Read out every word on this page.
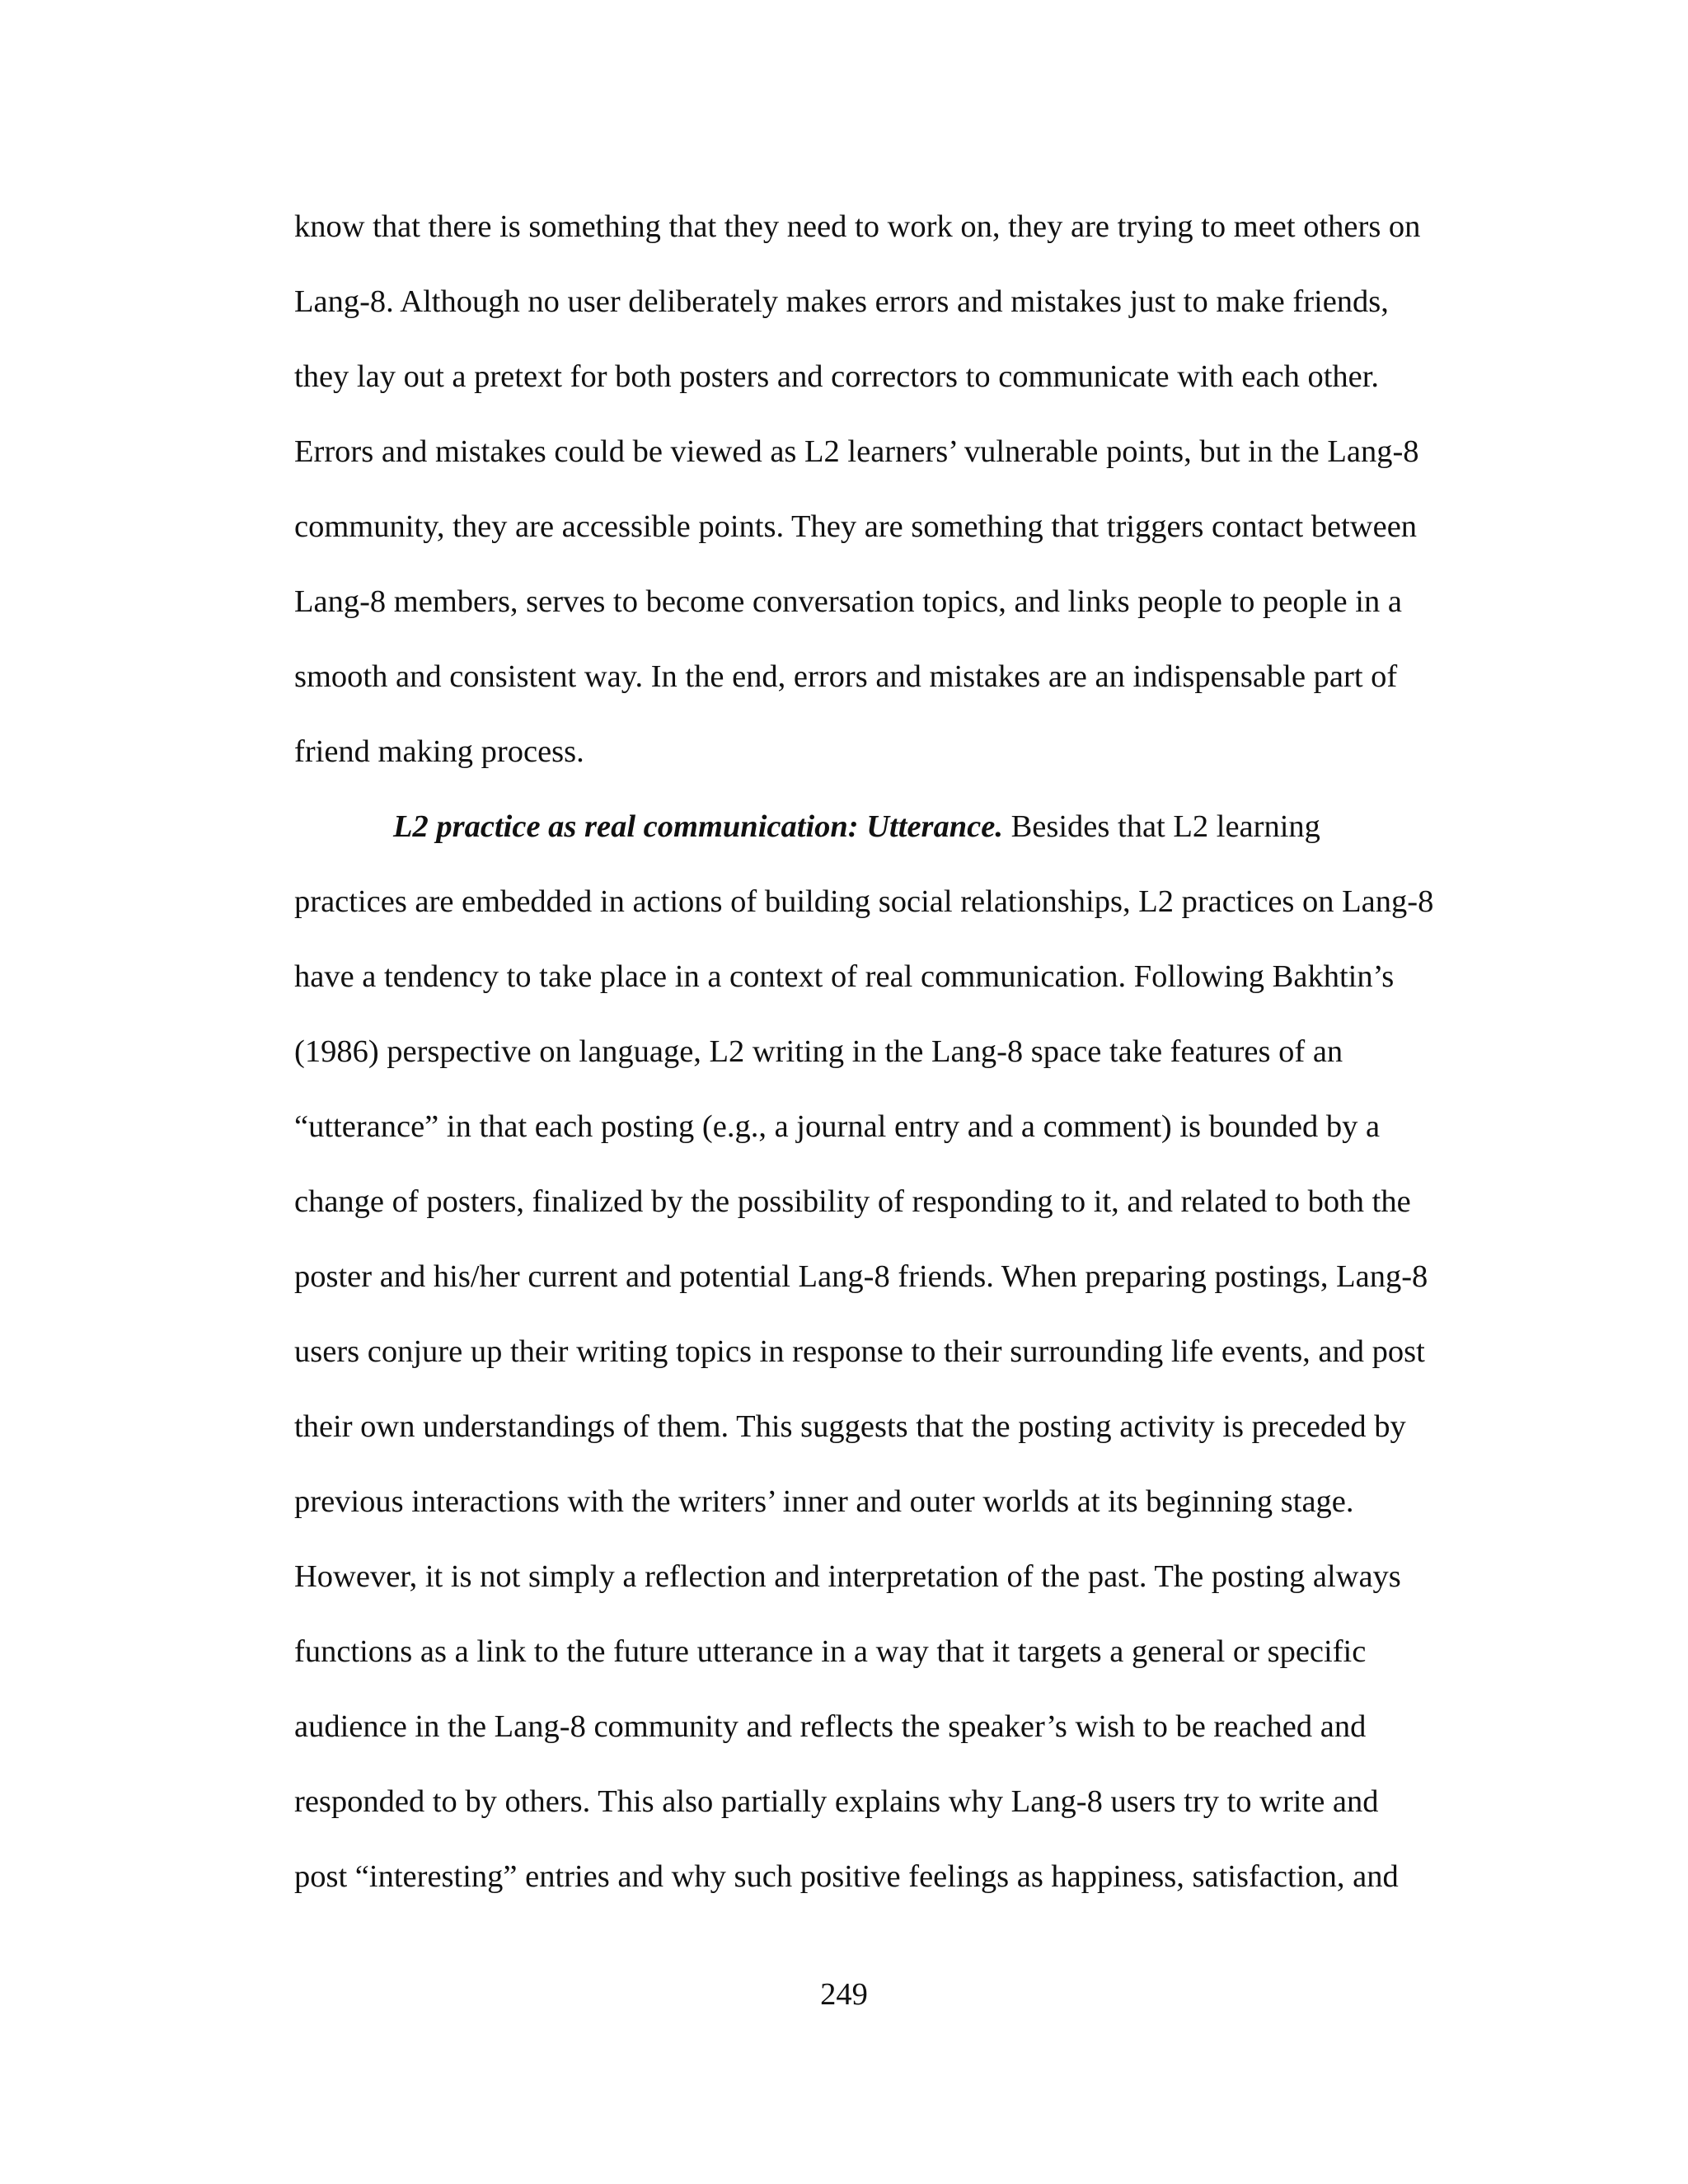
know that there is something that they need to work on, they are trying to meet others on
Lang-8. Although no user deliberately makes errors and mistakes just to make friends,
they lay out a pretext for both posters and correctors to communicate with each other.
Errors and mistakes could be viewed as L2 learners’ vulnerable points, but in the Lang-8
community, they are accessible points. They are something that triggers contact between
Lang-8 members, serves to become conversation topics, and links people to people in a
smooth and consistent way. In the end, errors and mistakes are an indispensable part of
friend making process.
L2 practice as real communication: Utterance. Besides that L2 learning
practices are embedded in actions of building social relationships, L2 practices on Lang-8
have a tendency to take place in a context of real communication. Following Bakhtin’s
(1986) perspective on language, L2 writing in the Lang-8 space take features of an
“utterance” in that each posting (e.g., a journal entry and a comment) is bounded by a
change of posters, finalized by the possibility of responding to it, and related to both the
poster and his/her current and potential Lang-8 friends. When preparing postings, Lang-8
users conjure up their writing topics in response to their surrounding life events, and post
their own understandings of them. This suggests that the posting activity is preceded by
previous interactions with the writers’ inner and outer worlds at its beginning stage.
However, it is not simply a reflection and interpretation of the past. The posting always
functions as a link to the future utterance in a way that it targets a general or specific
audience in the Lang-8 community and reflects the speaker’s wish to be reached and
responded to by others. This also partially explains why Lang-8 users try to write and
post “interesting” entries and why such positive feelings as happiness, satisfaction, and
249
